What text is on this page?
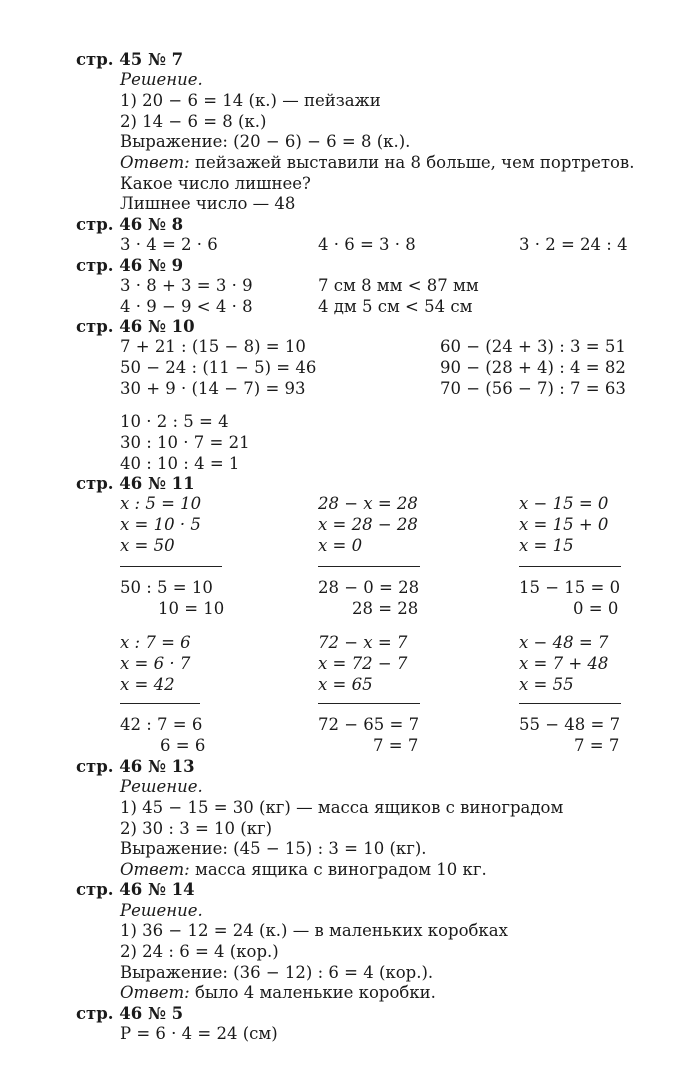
стр. 45 № 7
Решение.
1) 20 − 6 = 14 (к.) — пейзажи
2) 14 − 6 = 8 (к.)
Выражение: (20 − 6) − 6 = 8 (к.).
Ответ: пейзажей выставили на 8 больше, чем портретов.
Какое число лишнее?
Лишнее число — 48
стр. 46 № 8
3 · 4 = 2 · 6	4 · 6 = 3 · 8	3 · 2 = 24 : 4
стр. 46 № 9
3 · 8 + 3 = 3 · 9
4 · 9 − 9 < 4 · 8
7 см 8 мм < 87 мм
4 дм 5 см < 54 см
стр. 46 № 10
7 + 21 : (15 − 8) = 10
50 − 24 : (11 − 5) = 46
30 + 9 · (14 − 7) = 93
60 − (24 + 3) : 3 = 51
90 − (28 + 4) : 4 = 82
70 − (56 − 7) : 7 = 63
10 · 2 : 5 = 4
30 : 10 · 7 = 21
40 : 10 : 4 = 1
стр. 46 № 11
x : 5 = 10
x = 10 · 5
x = 50
50 : 5 = 10
10 = 10
28 − x = 28
x = 28 − 28
x = 0
28 − 0 = 28
28 = 28
x − 15 = 0
x = 15 + 0
x = 15
15 − 15 = 0
0 = 0
x : 7 = 6
x = 6 · 7
x = 42
42 : 7 = 6
6 = 6
72 − x = 7
x = 72 − 7
x = 65
72 − 65 = 7
7 = 7
x − 48 = 7
x = 7 + 48
x = 55
55 − 48 = 7
7 = 7
стр. 46 № 13
Решение.
1) 45 − 15 = 30 (кг) — масса ящиков с виноградом
2) 30 : 3 = 10 (кг)
Выражение: (45 − 15) : 3 = 10 (кг).
Ответ: масса ящика с виноградом 10 кг.
стр. 46 № 14
Решение.
1) 36 − 12 = 24 (к.) — в маленьких коробках
2) 24 : 6 = 4 (кор.)
Выражение: (36 − 12) : 6 = 4 (кор.).
Ответ: было 4 маленькие коробки.
стр. 46 № 5
P = 6 · 4 = 24 (см)
